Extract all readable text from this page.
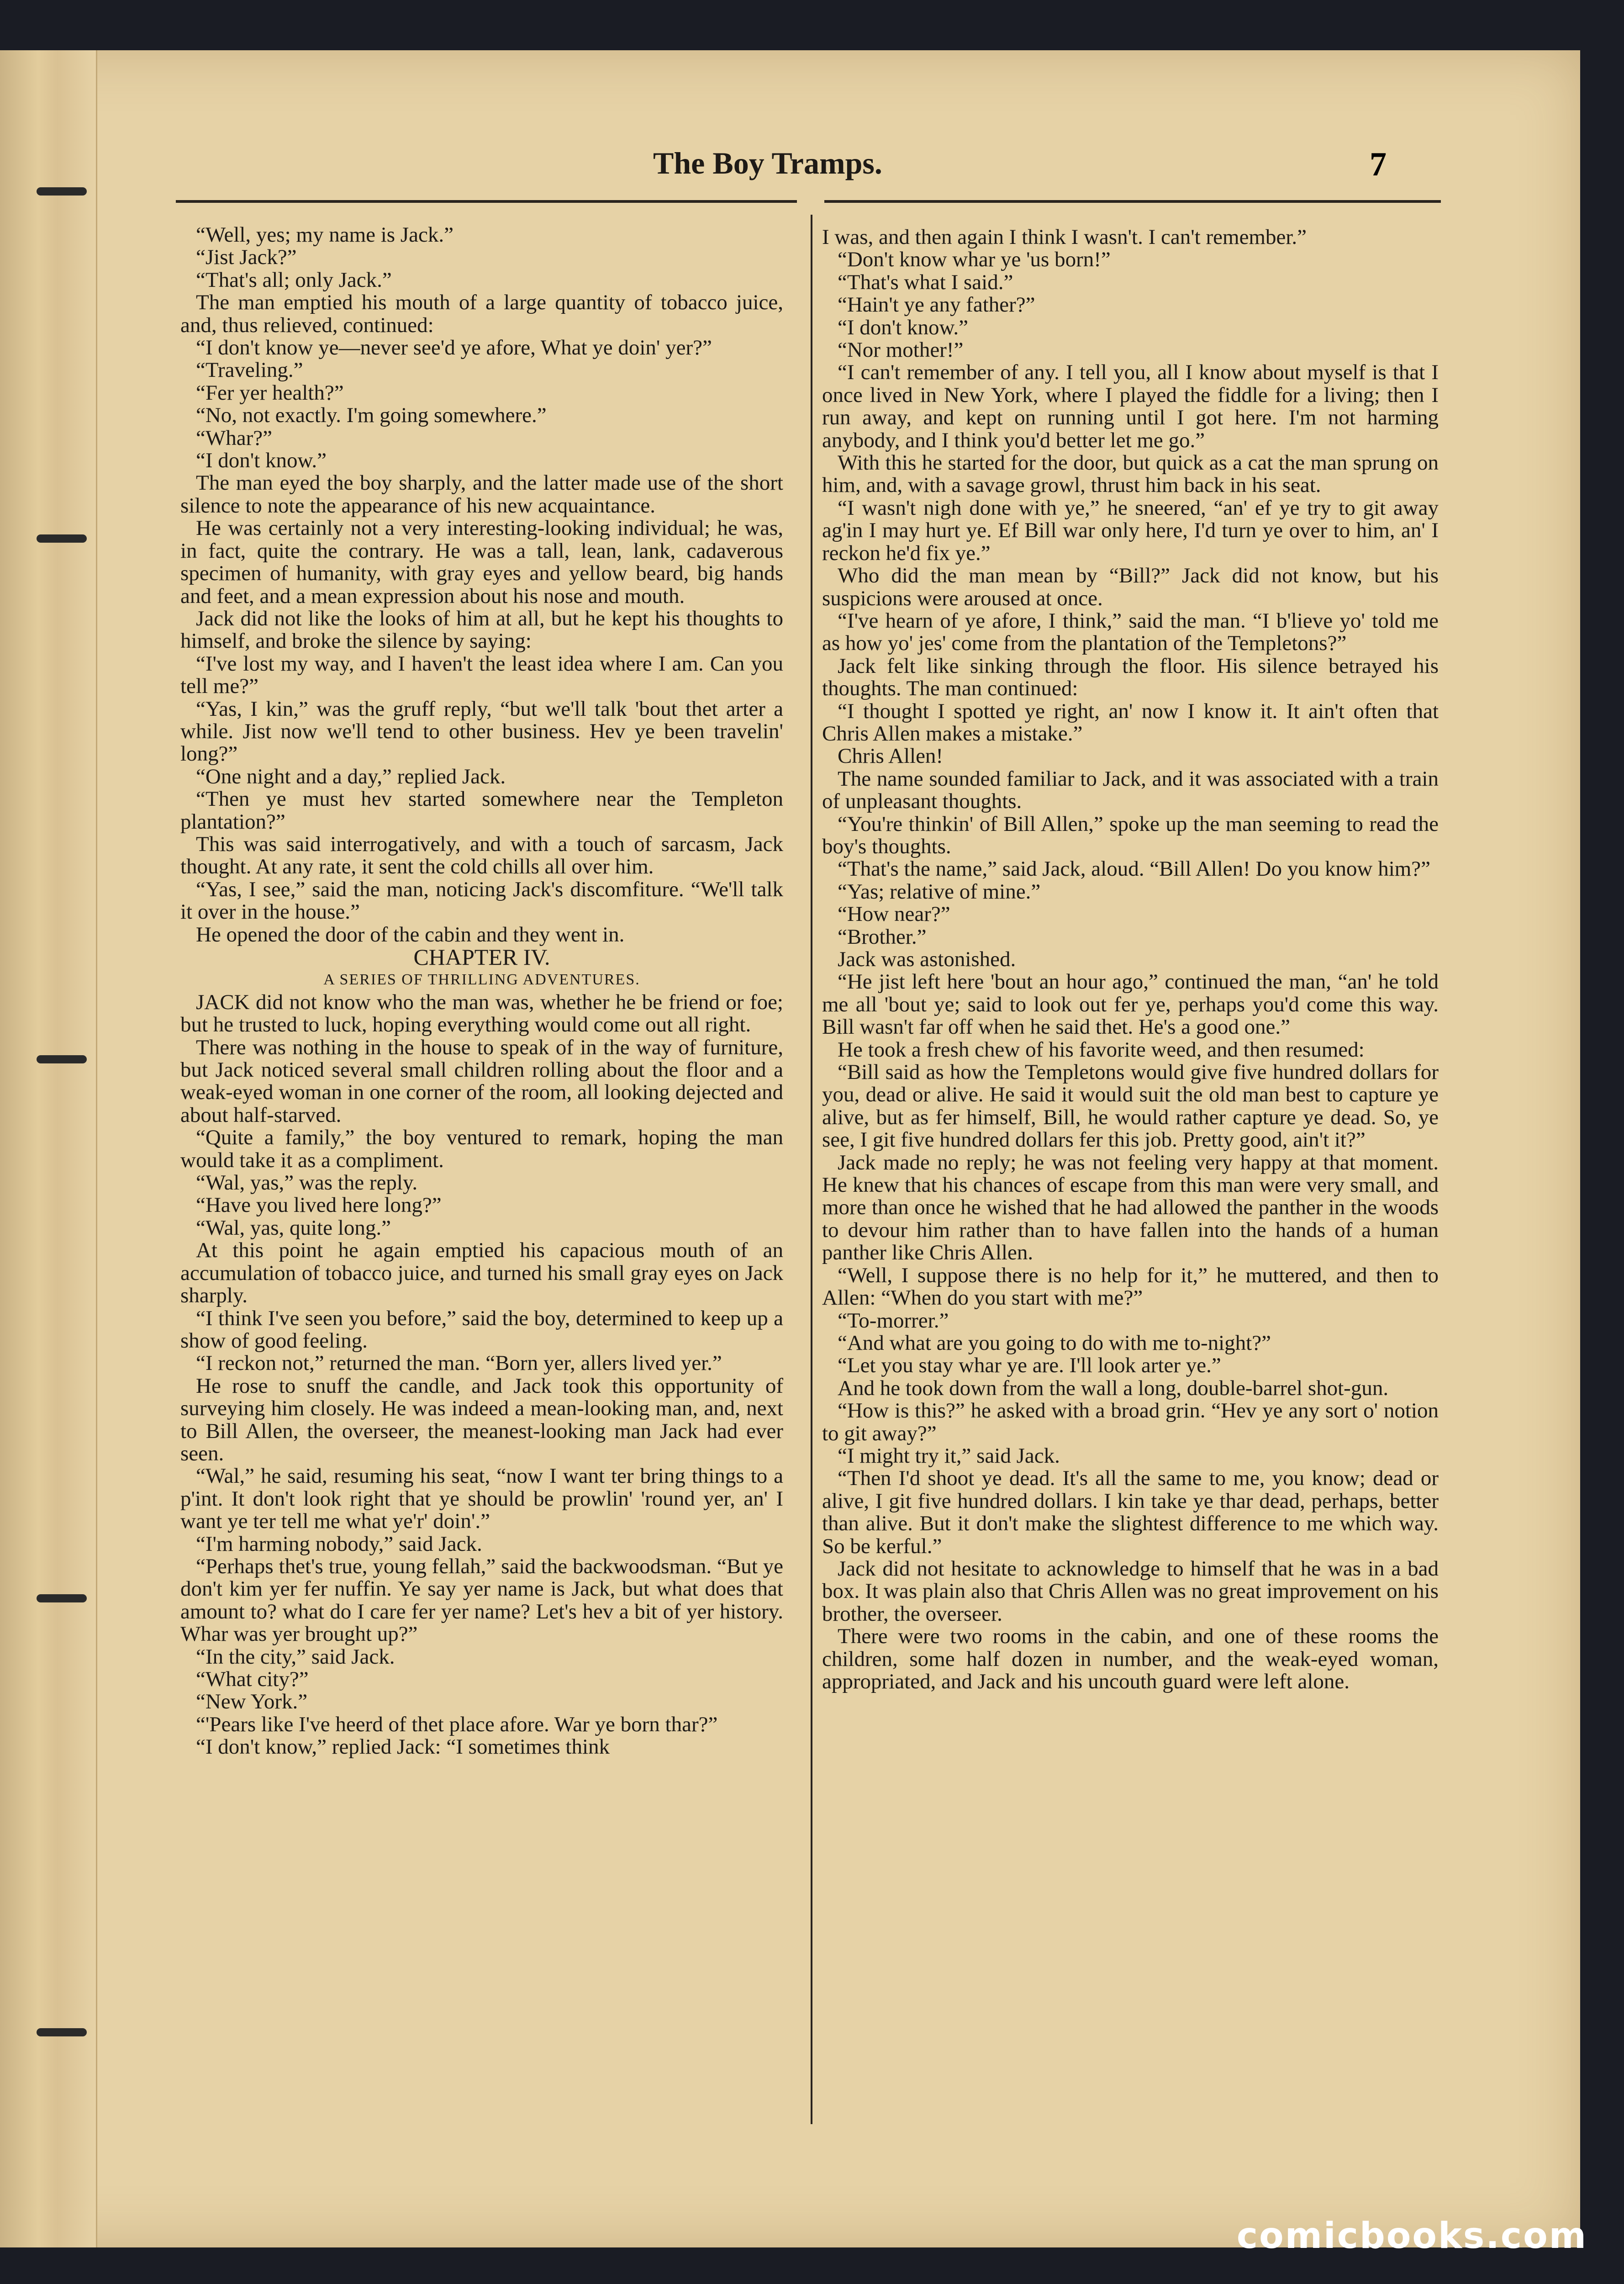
The Boy Tramps.	7

“Well, yes; my name is Jack.”

“Jist Jack?”

“That's all; only Jack.”

The man emptied his mouth of a large quantity of tobacco juice, and, thus relieved, continued:

“I don't know ye—never see'd ye afore, What ye doin' yer?”

“Traveling.”

“Fer yer health?”

“No, not exactly. I'm going somewhere.”

“Whar?”

“I don't know.”

The man eyed the boy sharply, and the latter made use of the short silence to note the appearance of his new acquaintance.

He was certainly not a very interesting-looking individual; he was, in fact, quite the contrary. He was a tall, lean, lank, cadaverous specimen of humanity, with gray eyes and yellow beard, big hands and feet, and a mean expression about his nose and mouth.

Jack did not like the looks of him at all, but he kept his thoughts to himself, and broke the silence by saying:

“I've lost my way, and I haven't the least idea where I am. Can you tell me?”

“Yas, I kin,” was the gruff reply, “but we'll talk 'bout thet arter a while. Jist now we'll tend to other business. Hev ye been travelin' long?”

“One night and a day,” replied Jack.

“Then ye must hev started somewhere near the Templeton plantation?”

This was said interrogatively, and with a touch of sarcasm, Jack thought. At any rate, it sent the cold chills all over him.

“Yas, I see,” said the man, noticing Jack's discomfiture. “We'll talk it over in the house.”

He opened the door of the cabin and they went in.

CHAPTER IV.

A SERIES OF THRILLING ADVENTURES.

JACK did not know who the man was, whether he be friend or foe; but he trusted to luck, hoping everything would come out all right.

There was nothing in the house to speak of in the way of furniture, but Jack noticed several small children rolling about the floor and a weak-eyed woman in one corner of the room, all looking dejected and about half-starved.

“Quite a family,” the boy ventured to remark, hoping the man would take it as a compliment.

“Wal, yas,” was the reply.

“Have you lived here long?”

“Wal, yas, quite long.”

At this point he again emptied his capacious mouth of an accumulation of tobacco juice, and turned his small gray eyes on Jack sharply.

“I think I've seen you before,” said the boy, determined to keep up a show of good feeling.

“I reckon not,” returned the man. “Born yer, allers lived yer.”

He rose to snuff the candle, and Jack took this opportunity of surveying him closely. He was indeed a mean-looking man, and, next to Bill Allen, the overseer, the meanest-looking man Jack had ever seen.

“Wal,” he said, resuming his seat, “now I want ter bring things to a p'int. It don't look right that ye should be prowlin' 'round yer, an' I want ye ter tell me what ye'r' doin'.”

“I'm harming nobody,” said Jack.

“Perhaps thet's true, young fellah,” said the backwoodsman. “But ye don't kim yer fer nuffin. Ye say yer name is Jack, but what does that amount to? what do I care fer yer name? Let's hev a bit of yer history. Whar was yer brought up?”

“In the city,” said Jack.

“What city?”

“New York.”

“'Pears like I've heerd of thet place afore. War ye born thar?”

“I don't know,” replied Jack: “I sometimes think

I was, and then again I think I wasn't. I can't remember.”

“Don't know whar ye 'us born!”

“That's what I said.”

“Hain't ye any father?”

“I don't know.”

“Nor mother!”

“I can't remember of any. I tell you, all I know about myself is that I once lived in New York, where I played the fiddle for a living; then I run away, and kept on running until I got here. I'm not harming anybody, and I think you'd better let me go.”

With this he started for the door, but quick as a cat the man sprung on him, and, with a savage growl, thrust him back in his seat.

“I wasn't nigh done with ye,” he sneered, “an' ef ye try to git away ag'in I may hurt ye. Ef Bill war only here, I'd turn ye over to him, an' I reckon he'd fix ye.”

Who did the man mean by “Bill?” Jack did not know, but his suspicions were aroused at once.

“I've hearn of ye afore, I think,” said the man. “I b'lieve yo' told me as how yo' jes' come from the plantation of the Templetons?”

Jack felt like sinking through the floor. His silence betrayed his thoughts. The man continued:

“I thought I spotted ye right, an' now I know it. It ain't often that Chris Allen makes a mistake.”

Chris Allen!

The name sounded familiar to Jack, and it was associated with a train of unpleasant thoughts.

“You're thinkin' of Bill Allen,” spoke up the man seeming to read the boy's thoughts.

“That's the name,” said Jack, aloud. “Bill Allen! Do you know him?”

“Yas; relative of mine.”

“How near?”

“Brother.”

Jack was astonished.

“He jist left here 'bout an hour ago,” continued the man, “an' he told me all 'bout ye; said to look out fer ye, perhaps you'd come this way. Bill wasn't far off when he said thet. He's a good one.”

He took a fresh chew of his favorite weed, and then resumed:

“Bill said as how the Templetons would give five hundred dollars for you, dead or alive. He said it would suit the old man best to capture ye alive, but as fer himself, Bill, he would rather capture ye dead. So, ye see, I git five hundred dollars fer this job. Pretty good, ain't it?”

Jack made no reply; he was not feeling very happy at that moment. He knew that his chances of escape from this man were very small, and more than once he wished that he had allowed the panther in the woods to devour him rather than to have fallen into the hands of a human panther like Chris Allen.

“Well, I suppose there is no help for it,” he muttered, and then to Allen: “When do you start with me?”

“To-morrer.”

“And what are you going to do with me to-night?”

“Let you stay whar ye are. I'll look arter ye.”

And he took down from the wall a long, double-barrel shot-gun.

“How is this?” he asked with a broad grin. “Hev ye any sort o' notion to git away?”

“I might try it,” said Jack.

“Then I'd shoot ye dead. It's all the same to me, you know; dead or alive, I git five hundred dollars. I kin take ye thar dead, perhaps, better than alive. But it don't make the slightest difference to me which way. So be kerful.”

Jack did not hesitate to acknowledge to himself that he was in a bad box. It was plain also that Chris Allen was no great improvement on his brother, the overseer.

There were two rooms in the cabin, and one of these rooms the children, some half dozen in number, and the weak-eyed woman, appropriated, and Jack and his uncouth guard were left alone.

comicbooks.com
